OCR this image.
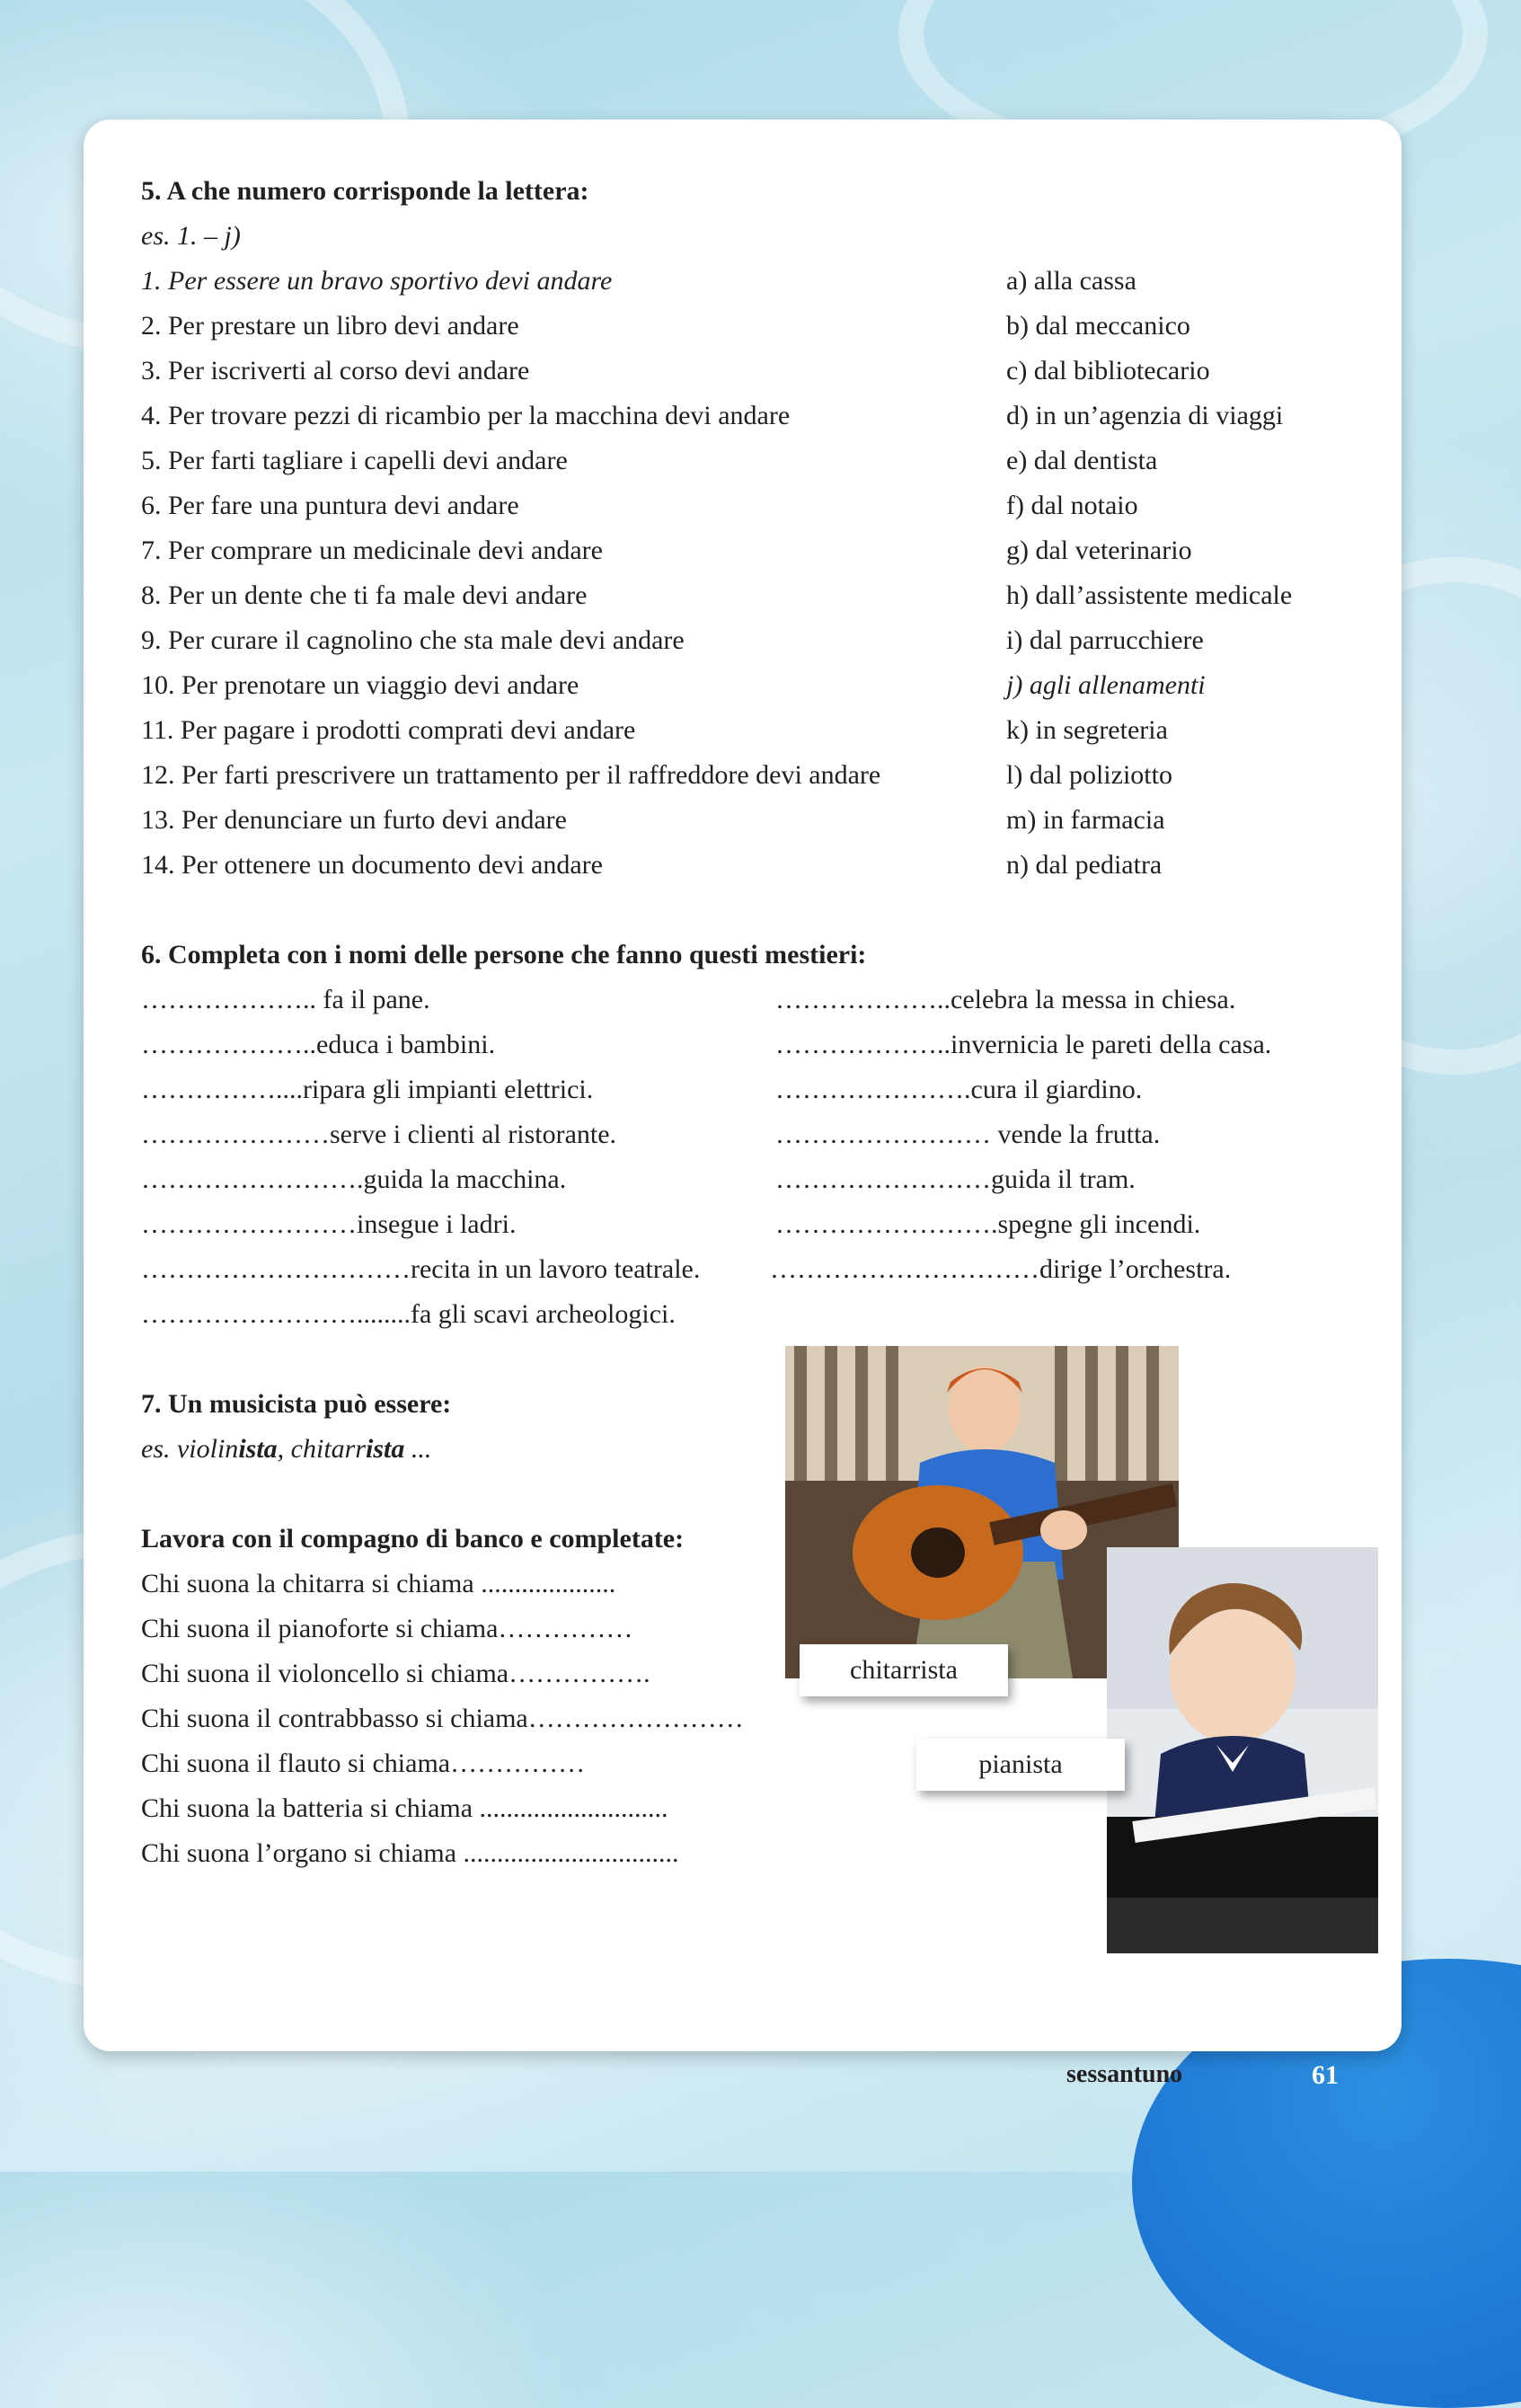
5. A che numero corrisponde la lettera:
es. 1. – j)
1. Per essere un bravo sportivo devi andare	a) alla cassa
2. Per prestare un libro devi andare	b) dal meccanico
3. Per iscriverti al corso devi andare	c) dal bibliotecario
4. Per trovare pezzi di ricambio per la macchina devi andare	d) in un’agenzia di viaggi
5. Per farti tagliare i capelli devi andare	e) dal dentista
6. Per fare una puntura devi andare	f) dal notaio
7. Per comprare un medicinale devi andare	g) dal veterinario
8. Per un dente che ti fa male devi andare	h) dall’assistente medicale
9. Per curare il cagnolino che sta male devi andare	i) dal parrucchiere
10. Per prenotare un viaggio devi andare	j) agli allenamenti
11. Per pagare i prodotti comprati devi andare	k) in segreteria
12. Per farti prescrivere un trattamento per il raffreddore devi andare	l) dal poliziotto
13. Per denunciare un furto devi andare	m) in farmacia
14. Per ottenere un documento devi andare	n) dal pediatra
6. Completa con i nomi delle persone che fanno questi mestieri:
……………….. fa il pane.	………………..celebra la messa in chiesa.
………………..educa i bambini.	………………..invernicia le pareti della casa.
……………....ripara gli impianti elettrici.	………………….cura il giardino.
…………………serve i clienti al ristorante.	…………………… vende la frutta.
…………………….guida la macchina.	……………………guida il tram.
……………………insegue i ladri.	…………………….spegne gli incendi.
…………………………recita in un lavoro teatrale.	…………………………dirige l’orchestra.
……………………........fa gli scavi archeologici.
7. Un musicista può essere:
es. violinista, chitarrista ...
Lavora con il compagno di banco e completate:
Chi suona la chitarra si chiama ....................
Chi suona il pianoforte si chiama……………
Chi suona il violoncello si chiama…………….
Chi suona il contrabbasso si chiama……………………
Chi suona il flauto si chiama……………
Chi suona la batteria si chiama ............................
Chi suona l’organo si chiama ................................
chitarrista
pianista
sessantuno	61
